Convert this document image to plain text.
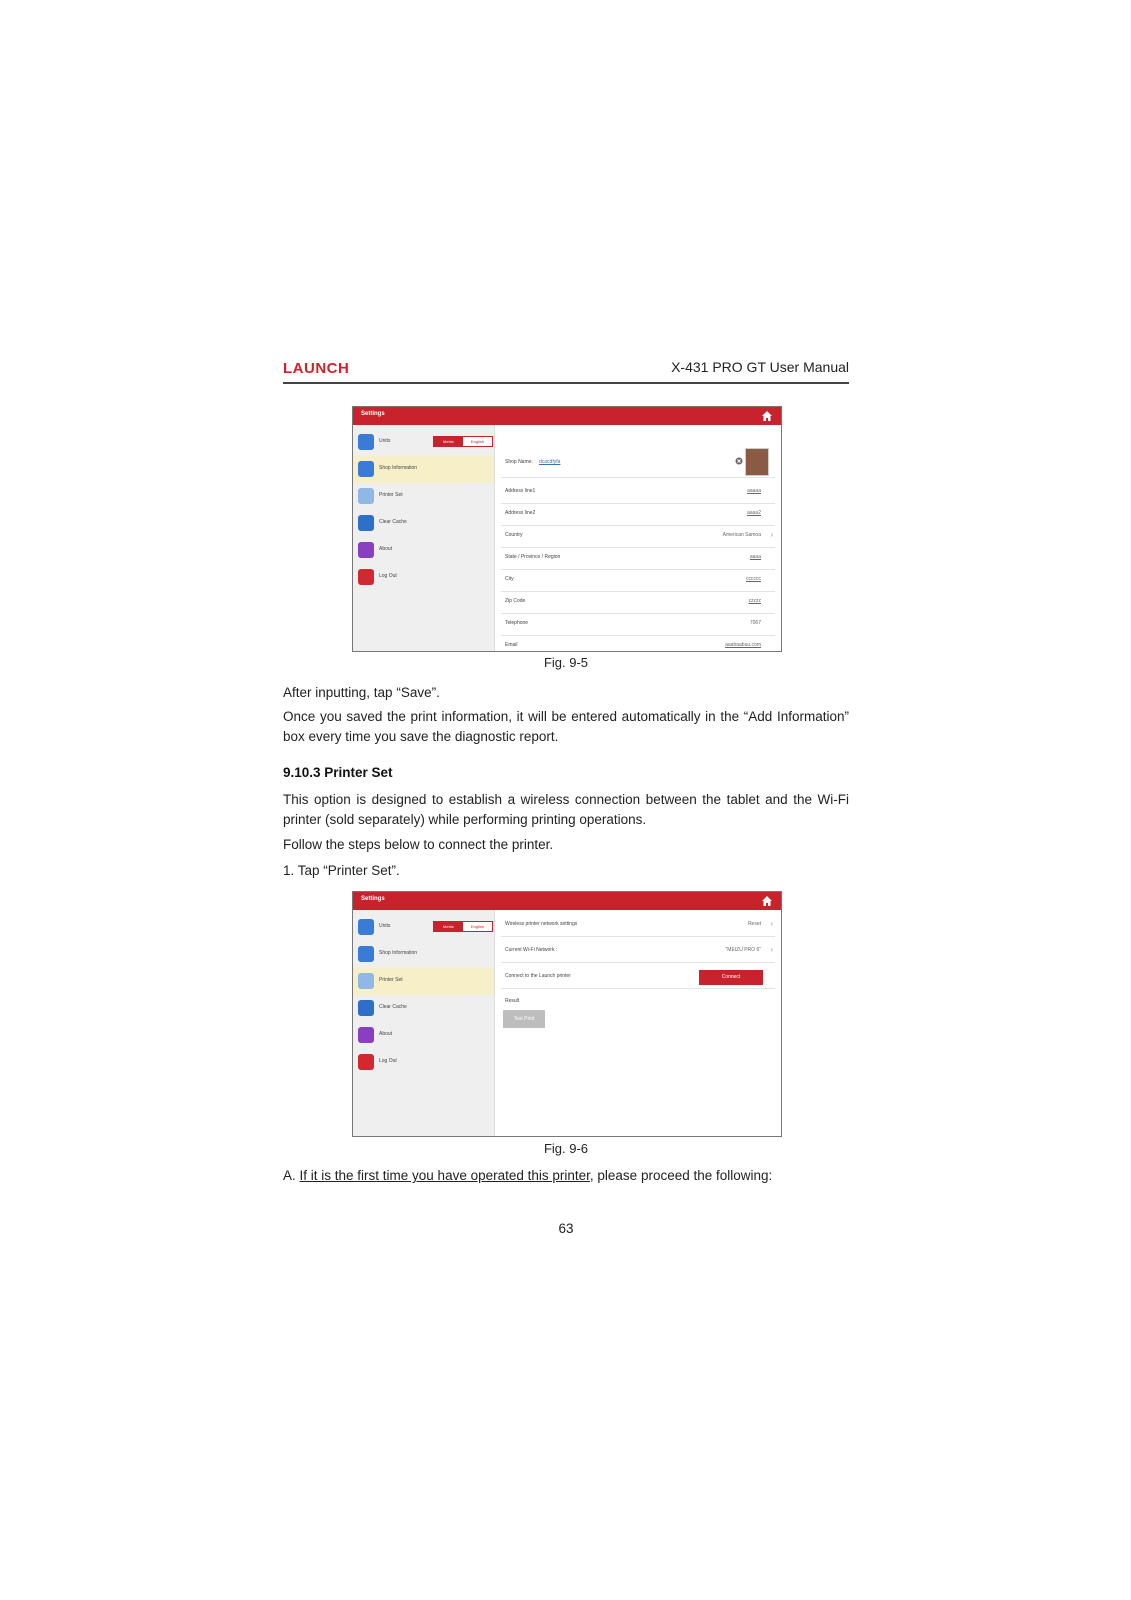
LAUNCH	X-431 PRO GT User Manual
Settings
Units	Metric	English
Shop Information
Printer Set
Clear Cache
About
Log Out
Shop Name: dcacdfyfa
Address line1	aaaaa
Address line2	aaaa2
Country	American Samoa ›
State / Province / Region	aaaa
City	cccccc
Zip Code	zzzzz
Telephone	7067
Email	aaabaabuu.com
Fig. 9-5
After inputting, tap “Save”.
Once you saved the print information, it will be entered automatically in the “Add Information” box every time you save the diagnostic report.
9.10.3 Printer Set
This option is designed to establish a wireless connection between the tablet and the Wi-Fi printer (sold separately) while performing printing operations.
Follow the steps below to connect the printer.
1. Tap “Printer Set”.
Settings
Units	Metric	English
Shop Information
Printer Set
Clear Cache
About
Log Out
Wireless printer network settings	Reset ›
Current Wi-Fi Network :	"MEIZU PRO 6" ›
Connect to the Launch printer	Connect
Result
Test Print
Fig. 9-6
A. If it is the first time you have operated this printer, please proceed the following:
63
